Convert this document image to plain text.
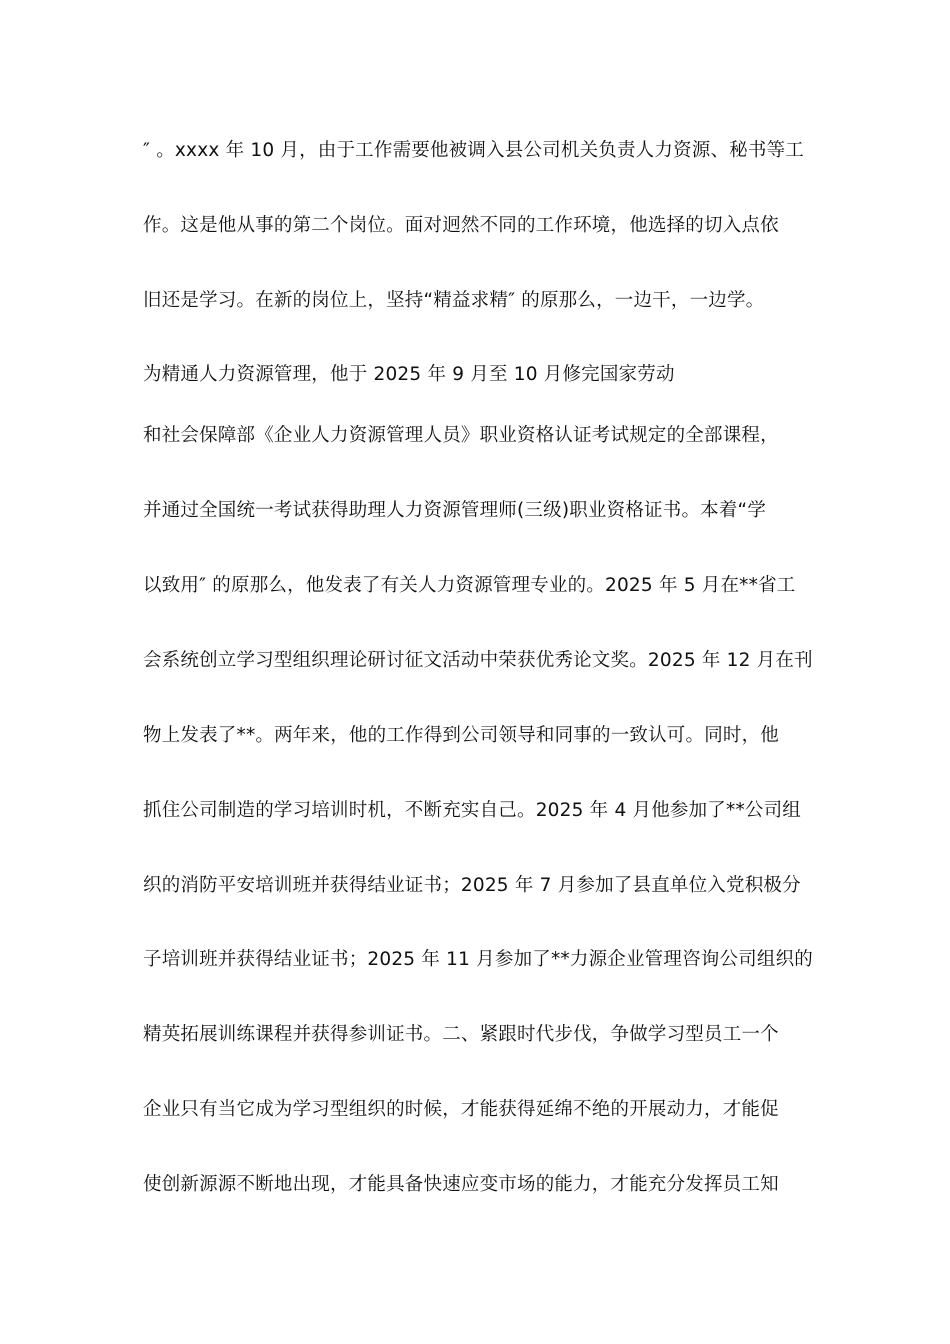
″ 。xxxx 年 10 月，由于工作需要他被调入县公司机关负责人力资源、秘书等工

作。这是他从事的第二个岗位。面对迥然不同的工作环境，他选择的切入点依

旧还是学习。在新的岗位上，坚持“精益求精″ 的原那么，一边干，一边学。

为精通人力资源管理，他于 2025 年 9 月至 10 月修完国家劳动

和社会保障部《企业人力资源管理人员》职业资格认证考试规定的全部课程，

并通过全国统一考试获得助理人力资源管理师(三级)职业资格证书。本着“学

以致用″ 的原那么，他发表了有关人力资源管理专业的。2025 年 5 月在**省工

会系统创立学习型组织理论研讨征文活动中荣获优秀论文奖。2025 年 12 月在刊

物上发表了**。两年来，他的工作得到公司领导和同事的一致认可。同时，他

抓住公司制造的学习培训时机，不断充实自己。2025 年 4 月他参加了**公司组

织的消防平安培训班并获得结业证书；2025 年 7 月参加了县直单位入党积极分

子培训班并获得结业证书；2025 年 11 月参加了**力源企业管理咨询公司组织的

精英拓展训练课程并获得参训证书。二、紧跟时代步伐，争做学习型员工一个

企业只有当它成为学习型组织的时候，才能获得延绵不绝的开展动力，才能促

使创新源源不断地出现，才能具备快速应变市场的能力，才能充分发挥员工知
